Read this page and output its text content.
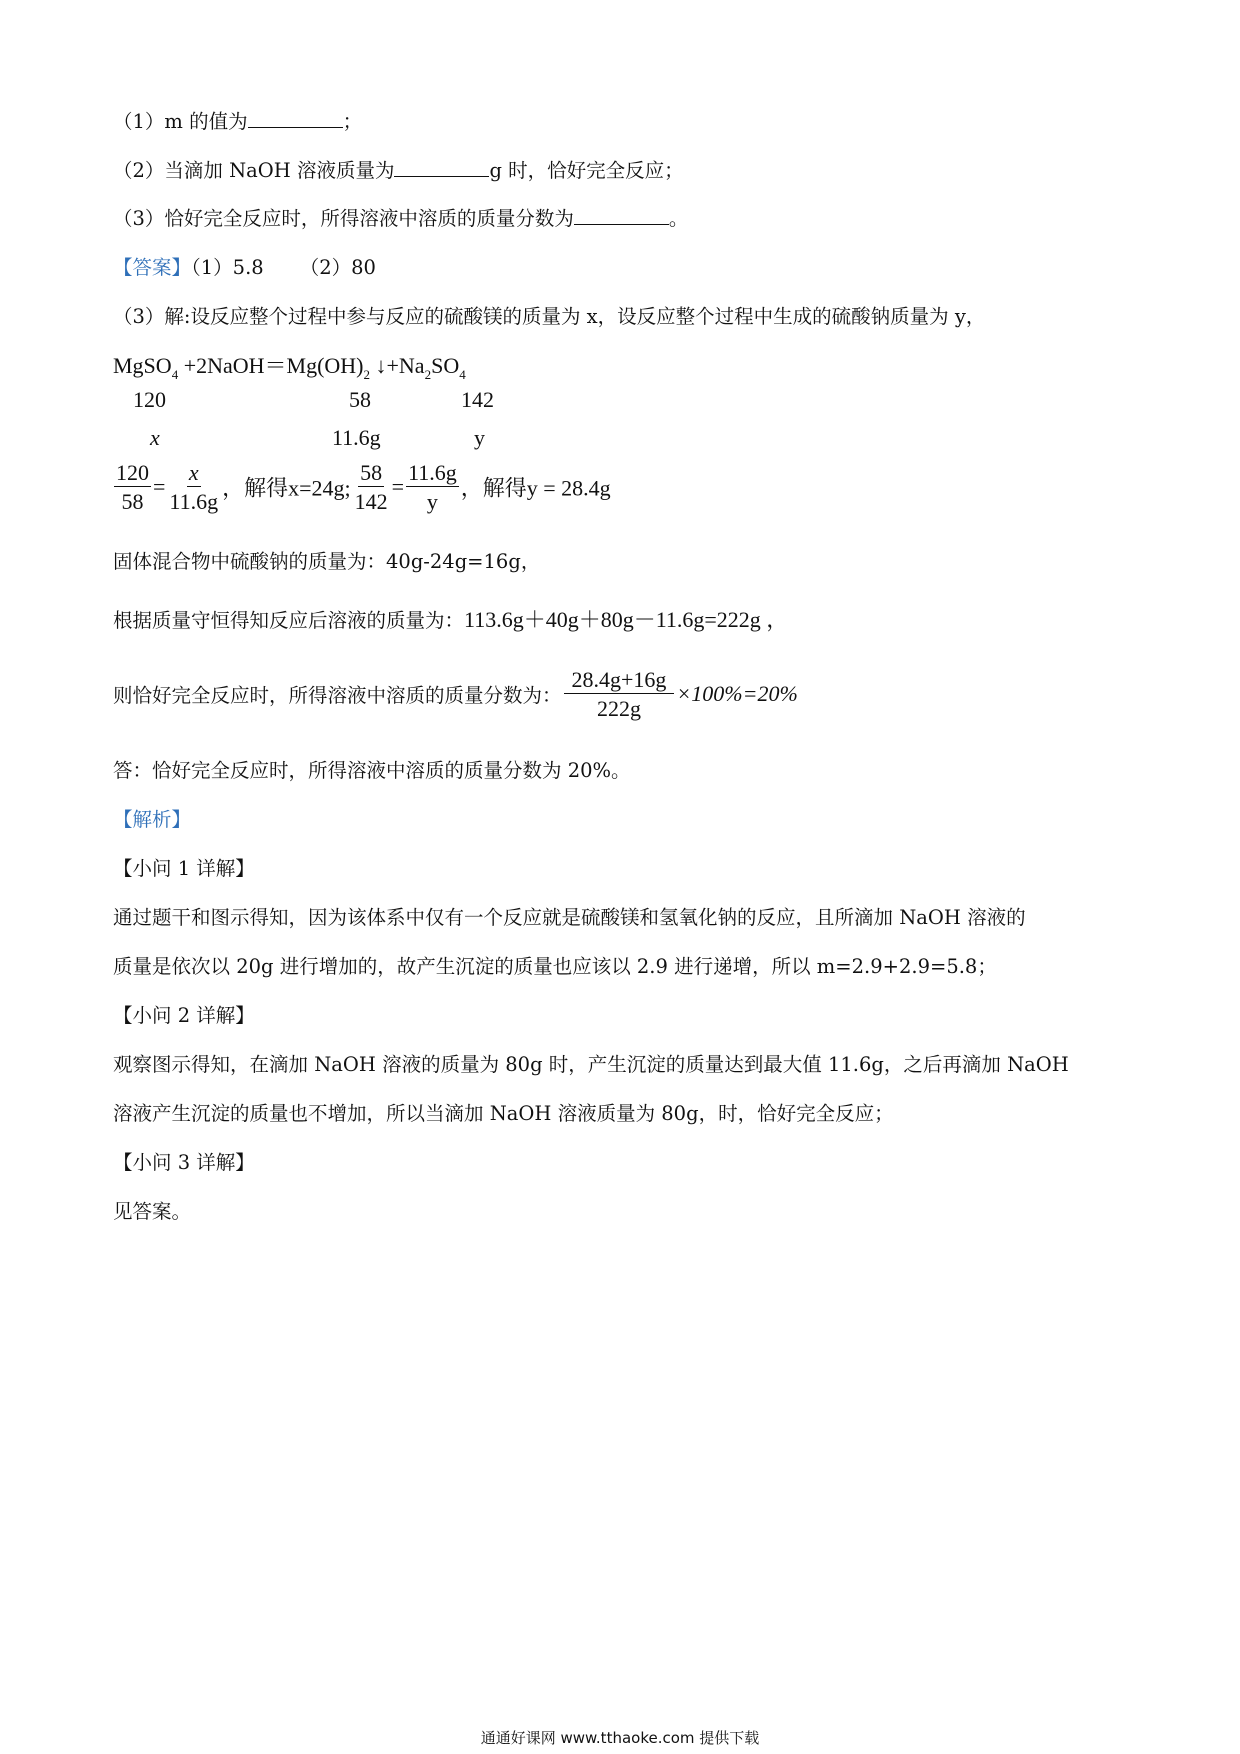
（1）m 的值为	；
（2）当滴加 NaOH 溶液质量为	g 时，恰好完全反应；
（3）恰好完全反应时，所得溶液中溶质的质量分数为	。
【答案】（1）5.8 （2）80
（3）解:设反应整个过程中参与反应的硫酸镁的质量为 x，设反应整个过程中生成的硫酸钠质量为 y，
MgSO$_4$ $+2NaOH=Mg(OH)_2$ $↓+Na_2SO_4$
120	58	142
x	11.6g	y
$\frac{120}{58} = \frac{x}{11.6g}$ ，解得x=24g; $\frac{58}{142} = \frac{11.6g}{y}$ ，解得y = 28.4g
固体混合物中硫酸钠的质量为：40g-24g=16g，
根据质量守恒得知反应后溶液的质量为：113.6g＋40g＋80g－11.6g=222g ，
则恰好完全反应时，所得溶液中溶质的质量分数为： $\frac{28.4g+16g}{222g} \times 100\%=20\%$
答：恰好完全反应时，所得溶液中溶质的质量分数为 20%。
【解析】
【小问 1 详解】
通过题干和图示得知，因为该体系中仅有一个反应就是硫酸镁和氢氧化钠的反应，且所滴加 NaOH 溶液的
质量是依次以 20g 进行增加的，故产生沉淀的质量也应该以 2.9 进行递增，所以 m=2.9+2.9=5.8；
【小问 2 详解】
观察图示得知，在滴加 NaOH 溶液的质量为 80g 时，产生沉淀的质量达到最大值 11.6g，之后再滴加 NaOH
溶液产生沉淀的质量也不增加，所以当滴加 NaOH 溶液质量为 80g，时，恰好完全反应；
【小问 3 详解】
见答案。
通通好课网 www.tthaoke.com 提供下载
